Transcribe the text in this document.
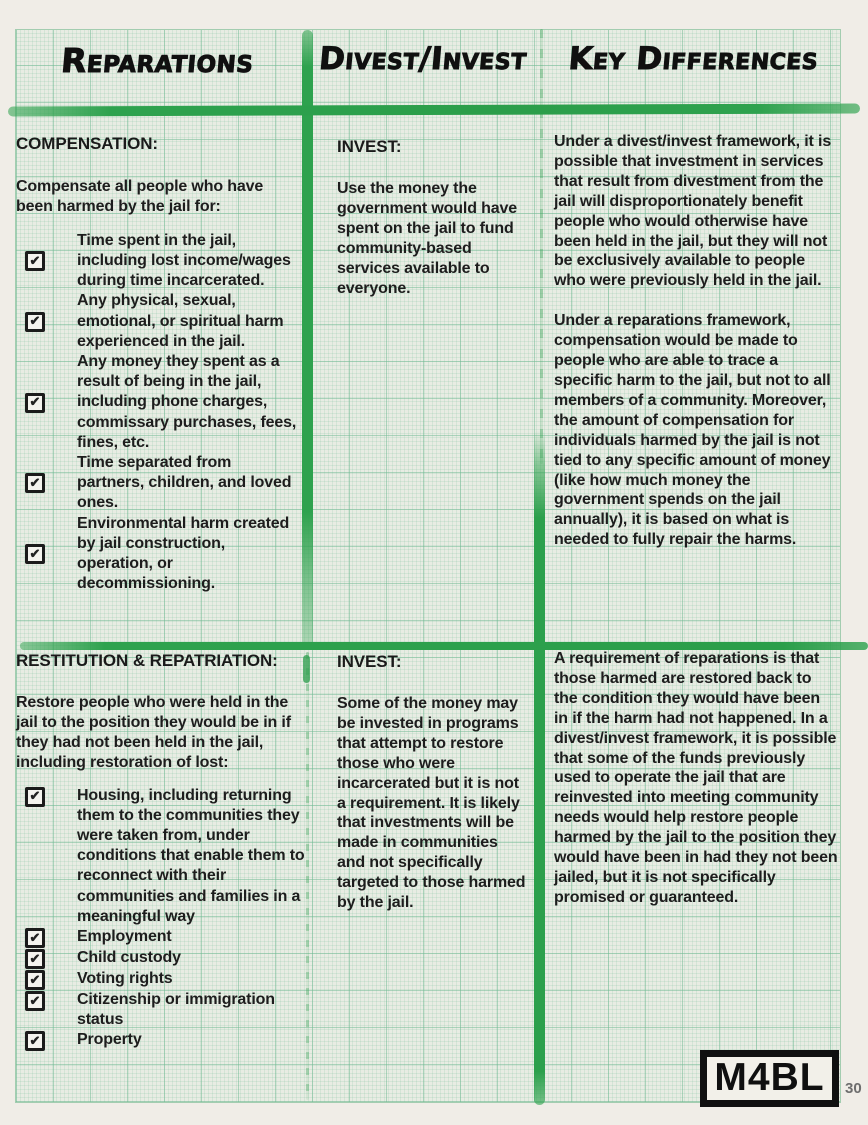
Reparations	Divest/Invest	Key Differences
COMPENSATION:

Compensate all people who have been harmed by the jail for:

✔
Time spent in the jail, including lost income/wages during time incarcerated.
✔
Any physical, sexual, emotional, or spiritual harm experienced in the jail.
✔
Any money they spent as a result of being in the jail, including phone charges, commissary purchases, fees, fines, etc.
✔
Time separated from partners, children, and loved ones.
✔
Environmental harm created by jail construction, operation, or decommissioning.
INVEST:

Use the money the government would have spent on the jail to fund community-based services available to everyone.

Under a divest/invest framework, it is possible that investment in services that result from divestment from the jail will disproportionately benefit people who would otherwise have been held in the jail, but they will not be exclusively available to people who were previously held in the jail.

Under a reparations framework, compensation would be made to people who are able to trace a specific harm to the jail, but not to all members of a community. Moreover, the amount of compensation for individuals harmed by the jail is not tied to any specific amount of money (like how much money the government spends on the jail annually), it is based on what is needed to fully repair the harms.

RESTITUTION & REPATRIATION:

Restore people who were held in the jail to the position they would be in if they had not been held in the jail, including restoration of lost:

✔ Housing, including returning them to the communities they were taken from, under conditions that enable them to reconnect with their communities and families in a meaningful way
✔ Employment
✔ Child custody
✔ Voting rights
✔ Citizenship or immigration status
✔ Property
INVEST:

Some of the money may be invested in programs that attempt to restore those who were incarcerated but it is not a requirement. It is likely that investments will be made in communities and not specifically targeted to those harmed by the jail.

A requirement of reparations is that those harmed are restored back to the condition they would have been in if the harm had not happened. In a divest/invest framework, it is possible that some of the funds previously used to operate the jail that are reinvested into meeting community needs would help restore people harmed by the jail to the position they would have been in had they not been jailed, but it is not specifically promised or guaranteed.

M4BL 30
